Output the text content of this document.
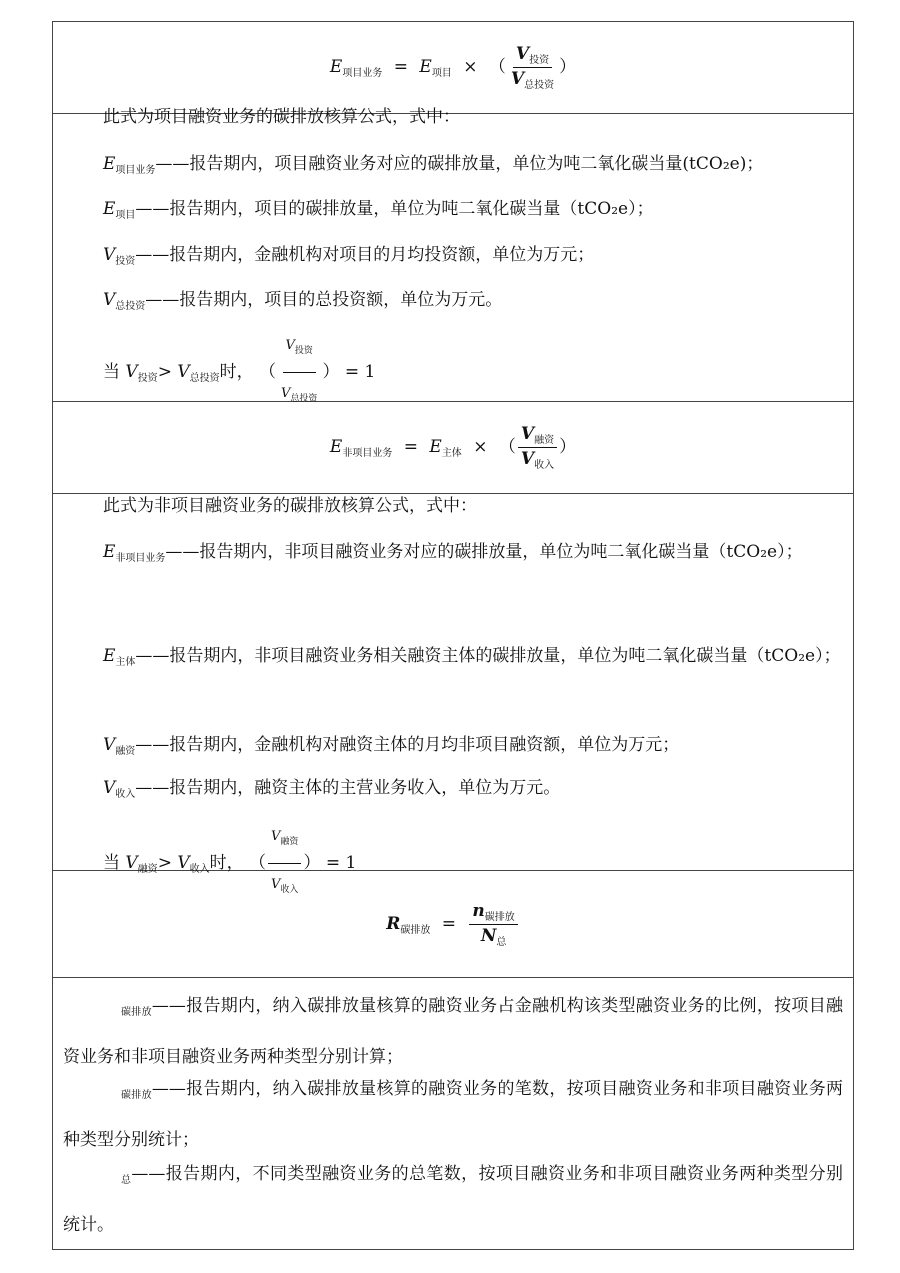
$E_{项目业务} = E_{项目}$ × （ $\frac{V_{投资}}{V_{总投资}}$ ）
此式为项目融资业务的碳排放核算公式，式中：
$E_{项目业务}——$报告期内，项目融资业务对应的碳排放量，单位为吨二氧化碳当量(tCO₂e)；
$E_{项目}——$报告期内，项目的碳排放量，单位为吨二氧化碳当量（tCO₂e）；
$V_{投资}——$报告期内，金融机构对项目的月均投资额，单位为万元；
$V_{总投资}——$报告期内，项目的总投资额，单位为万元。
当 $V_{投资}> V_{总投资}$时， （ $\frac{V_{投资}}{V_{总投资}}$ ） = 1
$E_{非项目业务} = E_{主体}$ × （ $\frac{V_{融资}}{V_{收入}}$ ）
此式为非项目融资业务的碳排放核算公式，式中：
$E_{非项目业务}——$报告期内，非项目融资业务对应的碳排放量，单位为吨二氧化碳当量（tCO₂e）；
$E_{主体}——$报告期内，非项目融资业务相关融资主体的碳排放量，单位为吨二氧化碳当量（tCO₂e）；
$V_{融资}——$报告期内，金融机构对融资主体的月均非项目融资额，单位为万元；
$V_{收入}——$报告期内，融资主体的主营业务收入，单位为万元。
当 $V_{融资}> V_{收入}$时， （ $\frac{V_{融资}}{V_{收入}}$ ） = 1
$R_{碳排放} = \frac{n_{碳排放}}{N_总}$
$_{碳排放}$——报告期内，纳入碳排放量核算的融资业务占金融机构该类型融资业务的比例，按项目融资业务和非项目融资业务两种类型分别计算；
$_{碳排放}$——报告期内，纳入碳排放量核算的融资业务的笔数，按项目融资业务和非项目融资业务两种类型分别统计；
$_总$——报告期内，不同类型融资业务的总笔数，按项目融资业务和非项目融资业务两种类型分别统计。
